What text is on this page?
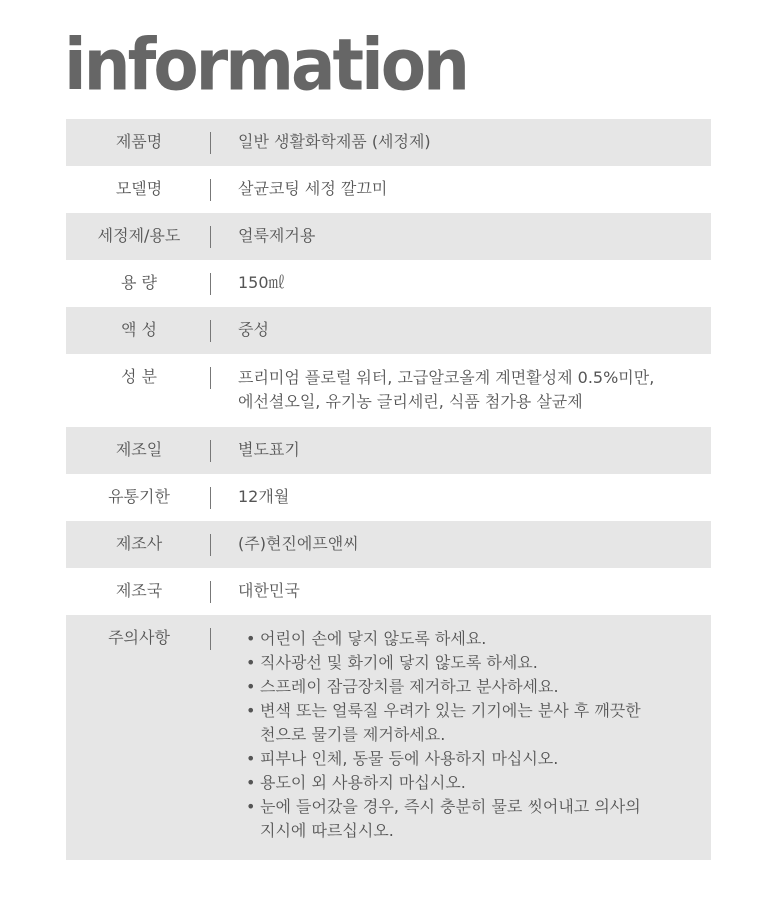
information
제품명	일반 생활화학제품 (세정제)
모델명	살균코팅 세정 깔끄미
세정제/용도	얼룩제거용
용 량	150㎖
액 성	중성
성 분	프리미엄 플로럴 워터, 고급알코올계 계면활성제 0.5%미만,
에선셜오일, 유기농 글리세린, 식품 첨가용 살균제
제조일	별도표기
유통기한	12개월
제조사	(주)현진에프앤씨
제조국	대한민국
주의사항	• 어린이 손에 닿지 않도록 하세요.
• 직사광선 및 화기에 닿지 않도록 하세요.
• 스프레이 잠금장치를 제거하고 분사하세요.
• 변색 또는 얼룩질 우려가 있는 기기에는 분사 후 깨끗한
천으로 물기를 제거하세요.
• 피부나 인체, 동물 등에 사용하지 마십시오.
• 용도이 외 사용하지 마십시오.
• 눈에 들어갔을 경우, 즉시 충분히 물로 씻어내고 의사의
지시에 따르십시오.
